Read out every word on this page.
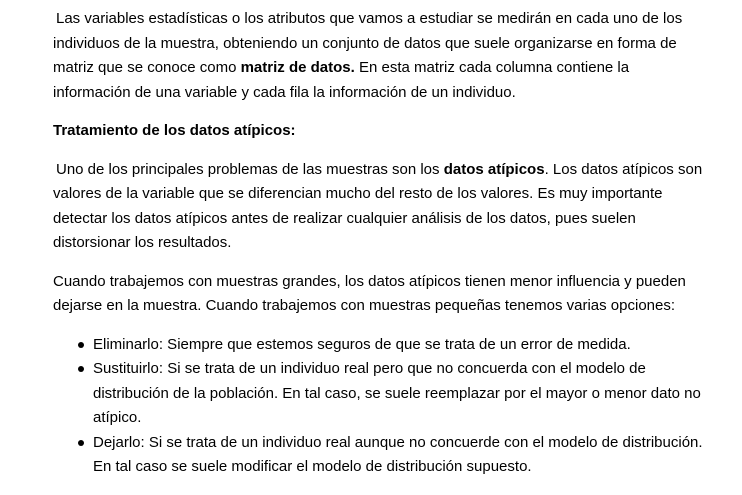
Las variables estadísticas o los atributos que vamos a estudiar se medirán en cada uno de los individuos de la muestra, obteniendo un conjunto de datos que suele organizarse en forma de matriz que se conoce como matriz de datos. En esta matriz cada columna contiene la información de una variable y cada fila la información de un individuo.

Tratamiento de los datos atípicos:

Uno de los principales problemas de las muestras son los datos atípicos. Los datos atípicos son valores de la variable que se diferencian mucho del resto de los valores. Es muy importante detectar los datos atípicos antes de realizar cualquier análisis de los datos, pues suelen distorsionar los resultados.

Cuando trabajemos con muestras grandes, los datos atípicos tienen menor influencia y pueden dejarse en la muestra. Cuando trabajemos con muestras pequeñas tenemos varias opciones:

Eliminarlo: Siempre que estemos seguros de que se trata de un error de medida.
Sustituirlo: Si se trata de un individuo real pero que no concuerda con el modelo de distribución de la población. En tal caso, se suele reemplazar por el mayor o menor dato no atípico.
Dejarlo: Si se trata de un individuo real aunque no concuerde con el modelo de distribución. En tal caso se suele modificar el modelo de distribución supuesto.
